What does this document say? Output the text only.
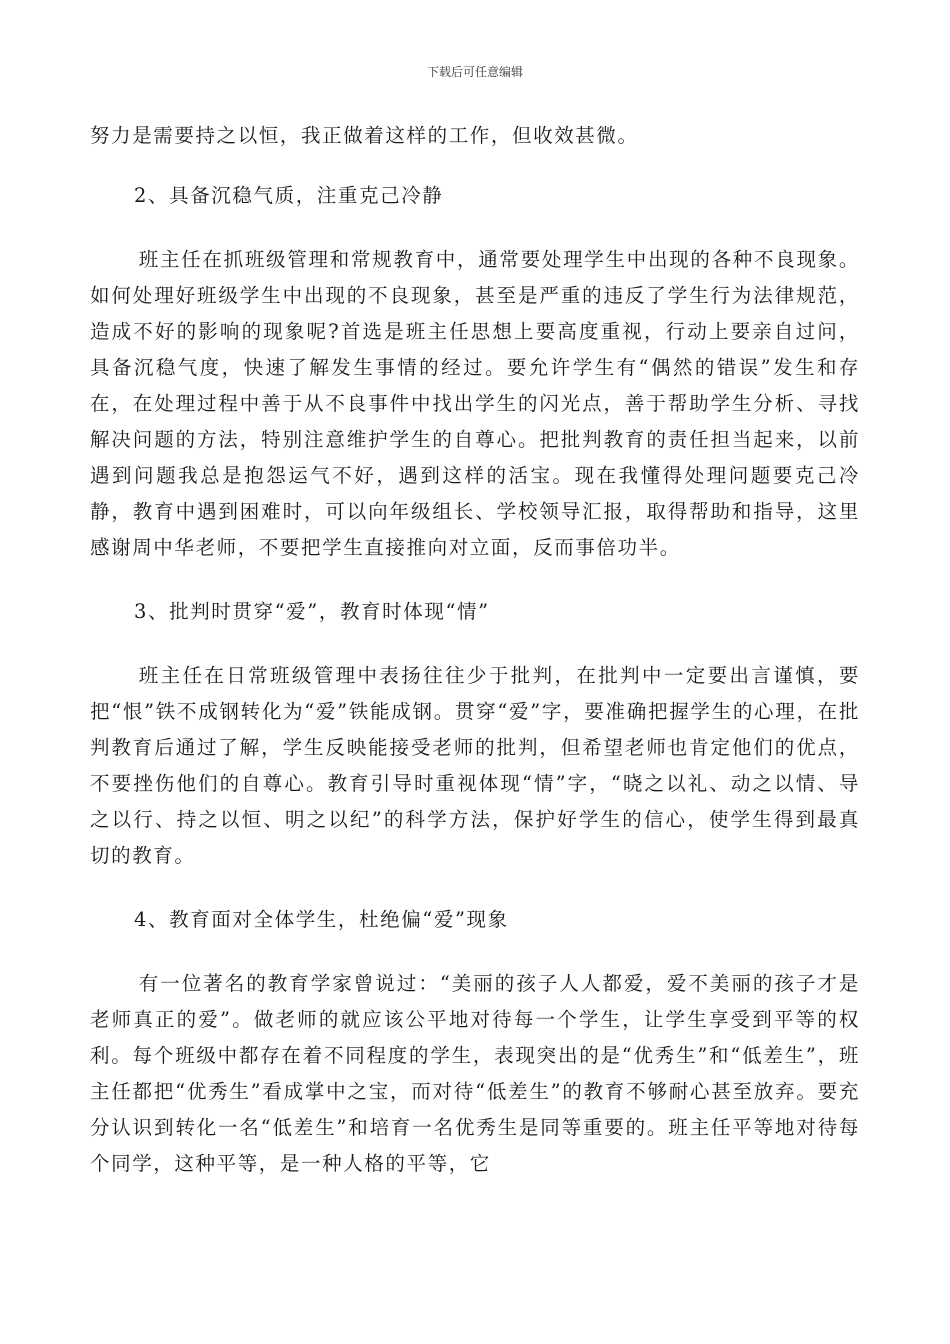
下载后可任意编辑

努力是需要持之以恒，我正做着这样的工作，但收效甚微。

2、具备沉稳气质，注重克己冷静

班主任在抓班级管理和常规教育中，通常要处理学生中出现的各种不良现象。如何处理好班级学生中出现的不良现象，甚至是严重的违反了学生行为法律规范，造成不好的影响的现象呢?首选是班主任思想上要高度重视，行动上要亲自过问，具备沉稳气度，快速了解发生事情的经过。要允许学生有“偶然的错误”发生和存在，在处理过程中善于从不良事件中找出学生的闪光点，善于帮助学生分析、寻找解决问题的方法，特别注意维护学生的自尊心。把批判教育的责任担当起来，以前遇到问题我总是抱怨运气不好，遇到这样的活宝。现在我懂得处理问题要克己冷静，教育中遇到困难时，可以向年级组长、学校领导汇报，取得帮助和指导，这里感谢周中华老师，不要把学生直接推向对立面，反而事倍功半。

3、批判时贯穿“爱”，教育时体现“情”

班主任在日常班级管理中表扬往往少于批判，在批判中一定要出言谨慎，要把“恨”铁不成钢转化为“爱”铁能成钢。贯穿“爱”字，要准确把握学生的心理，在批判教育后通过了解，学生反映能接受老师的批判，但希望老师也肯定他们的优点，不要挫伤他们的自尊心。教育引导时重视体现“情”字，“晓之以礼、动之以情、导之以行、持之以恒、明之以纪”的科学方法，保护好学生的信心，使学生得到最真切的教育。

4、教育面对全体学生，杜绝偏“爱”现象

有一位著名的教育学家曾说过：“美丽的孩子人人都爱，爱不美丽的孩子才是老师真正的爱”。做老师的就应该公平地对待每一个学生，让学生享受到平等的权利。每个班级中都存在着不同程度的学生，表现突出的是“优秀生”和“低差生”，班主任都把“优秀生”看成掌中之宝，而对待“低差生”的教育不够耐心甚至放弃。要充分认识到转化一名“低差生”和培育一名优秀生是同等重要的。班主任平等地对待每个同学，这种平等，是一种人格的平等，它
